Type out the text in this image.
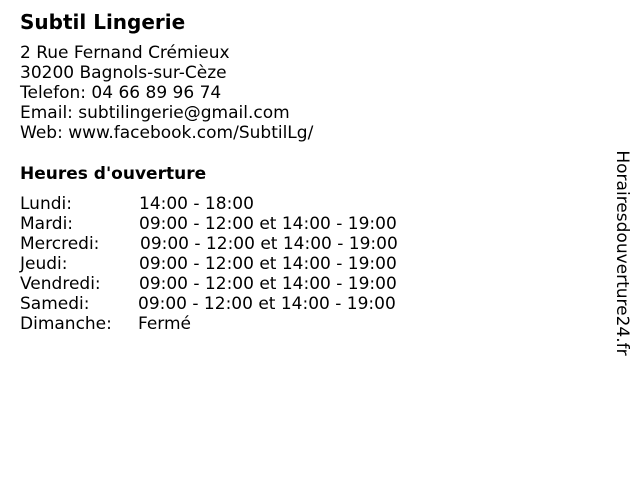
Subtil Lingerie
2 Rue Fernand Crémieux
30200 Bagnols-sur-Cèze
Telefon: 04 66 89 96 74
Email: subtilingerie@gmail.com
Web: www.facebook.com/SubtilLg/
Heures d'ouverture
Lundi:	14:00 - 18:00
Mardi:	09:00 - 12:00 et 14:00 - 19:00
Mercredi: 09:00 - 12:00 et 14:00 - 19:00
Jeudi:	09:00 - 12:00 et 14:00 - 19:00
Vendredi: 09:00 - 12:00 et 14:00 - 19:00
Samedi:	09:00 - 12:00 et 14:00 - 19:00
Dimanche: Fermé	Horairesdouverture24.fr
